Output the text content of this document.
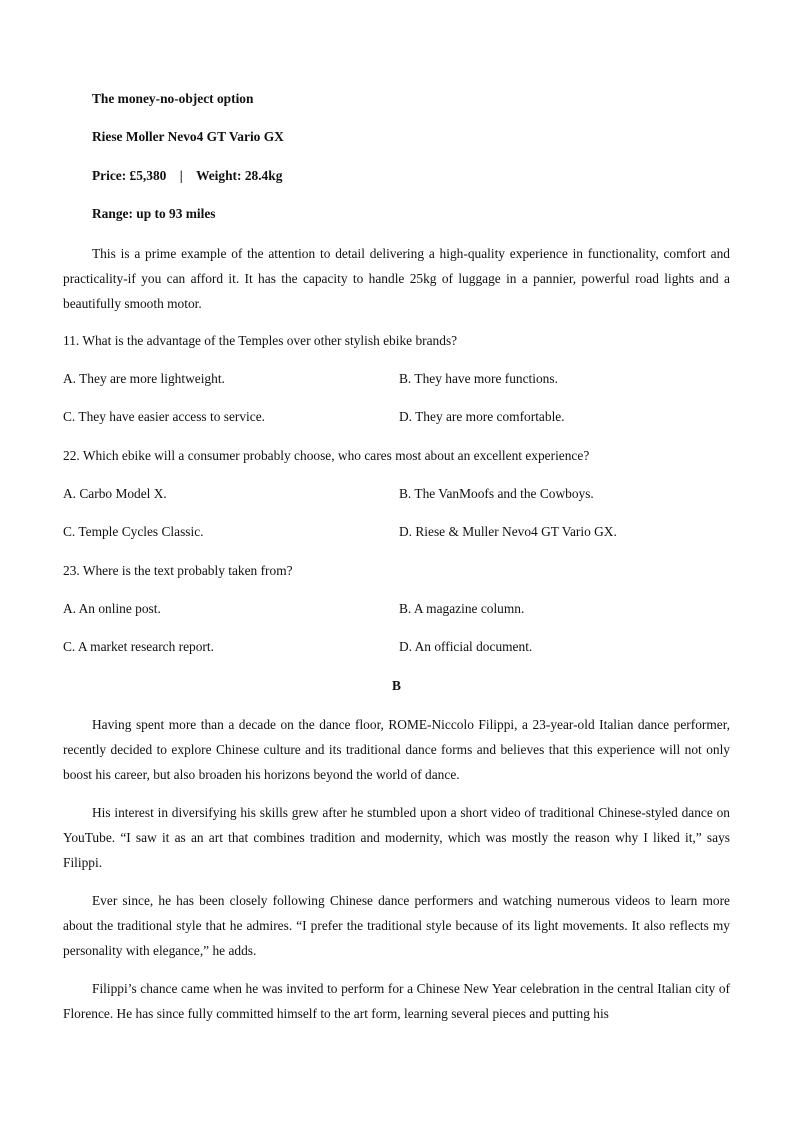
The money-no-object option
Riese Moller Nevo4 GT Vario GX
Price: £5,380 | Weight: 28.4kg
Range: up to 93 miles
This is a prime example of the attention to detail delivering a high-quality experience in functionality, comfort and practicality-if you can afford it. It has the capacity to handle 25kg of luggage in a pannier, powerful road lights and a beautifully smooth motor.
11. What is the advantage of the Temples over other stylish ebike brands?
A. They are more lightweight.	B. They have more functions.
C. They have easier access to service.	D. They are more comfortable.
22. Which ebike will a consumer probably choose, who cares most about an excellent experience?
A. Carbo Model X.	B. The VanMoofs and the Cowboys.
C. Temple Cycles Classic.	D. Riese & Muller Nevo4 GT Vario GX.
23. Where is the text probably taken from?
A. An online post.	B. A magazine column.
C. A market research report.	D. An official document.
B
Having spent more than a decade on the dance floor, ROME-Niccolo Filippi, a 23-year-old Italian dance performer, recently decided to explore Chinese culture and its traditional dance forms and believes that this experience will not only boost his career, but also broaden his horizons beyond the world of dance.
His interest in diversifying his skills grew after he stumbled upon a short video of traditional Chinese-styled dance on YouTube. “I saw it as an art that combines tradition and modernity, which was mostly the reason why I liked it,” says Filippi.
Ever since, he has been closely following Chinese dance performers and watching numerous videos to learn more about the traditional style that he admires. “I prefer the traditional style because of its light movements. It also reflects my personality with elegance,” he adds.
Filippi’s chance came when he was invited to perform for a Chinese New Year celebration in the central Italian city of Florence. He has since fully committed himself to the art form, learning several pieces and putting his
